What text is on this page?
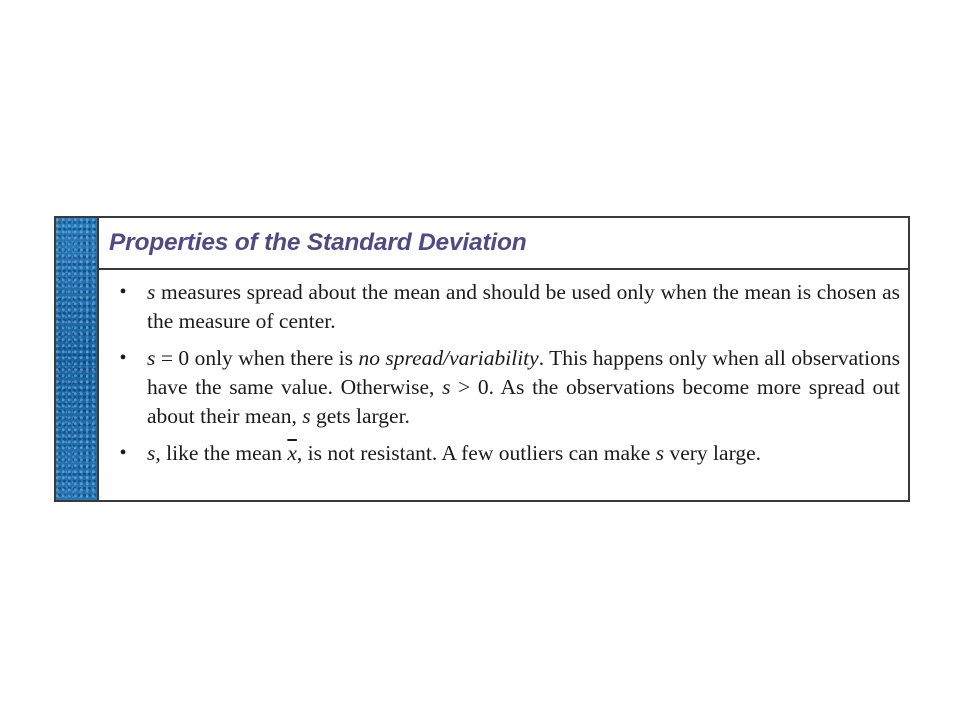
Properties of the Standard Deviation
• s measures spread about the mean and should be used only when the mean is chosen as the measure of center.
• s = 0 only when there is no spread/variability. This happens only when all observations have the same value. Otherwise, s > 0. As the observations become more spread out about their mean, s gets larger.
• s, like the mean $\overline{x}$, is not resistant. A few outliers can make s very large.
